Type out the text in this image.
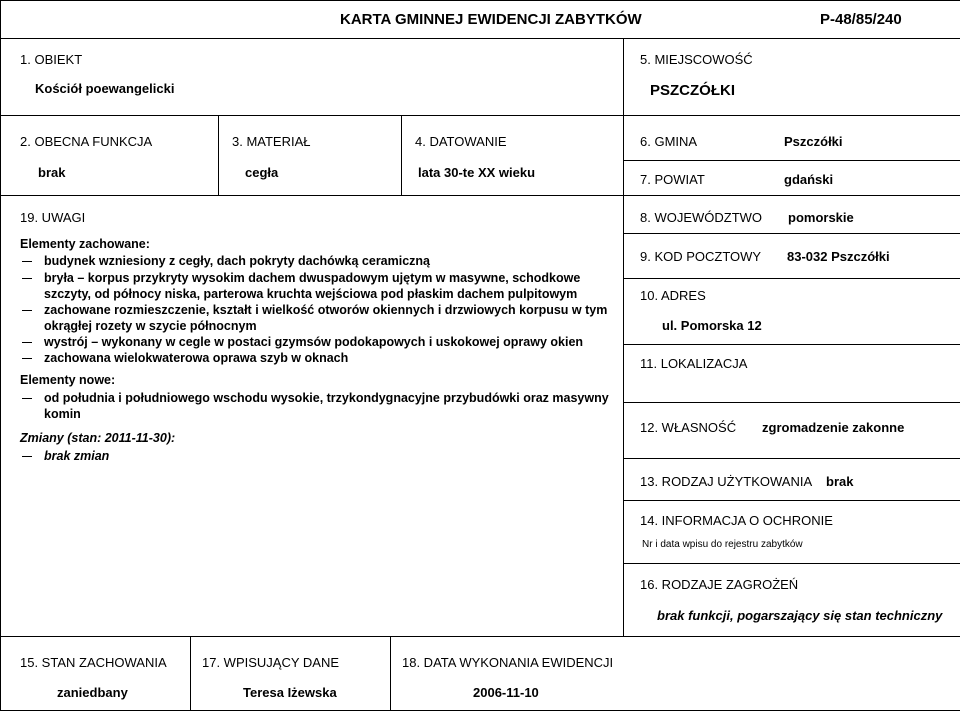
KARTA GMINNEJ EWIDENCJI ZABYTKÓW	P-48/85/240
1. OBIEKT
Kościół poewangelicki
5. MIEJSCOWOŚĆ
PSZCZÓŁKI
2. OBECNA FUNKCJA
brak
3. MATERIAŁ
cegła
4. DATOWANIE
lata 30-te XX wieku
6. GMINA	Pszczółki
7. POWIAT	gdański
8. WOJEWÓDZTWO pomorskie
9. KOD POCZTOWY 83-032 Pszczółki
10. ADRES
ul. Pomorska 12
11. LOKALIZACJA
12. WŁASNOŚĆ zgromadzenie zakonne
13. RODZAJ UŻYTKOWANIA brak
14. INFORMACJA O OCHRONIE
Nr i data wpisu do rejestru zabytków
16. RODZAJE ZAGROŻEŃ
brak funkcji, pogarszający się stan techniczny
19. UWAGI
Elementy zachowane:
budynek wzniesiony z cegły, dach pokryty dachówką ceramiczną
bryła – korpus przykryty wysokim dachem dwuspadowym ujętym w masywne, schodkowe
szczyty, od północy niska, parterowa kruchta wejściowa pod płaskim dachem pulpitowym
zachowane rozmieszczenie, kształt i wielkość otworów okiennych i drzwiowych korpusu w tym
okrągłej rozety w szycie północnym
wystrój – wykonany w cegle w postaci gzymsów podokapowych i uskokowej oprawy okien
zachowana wielokwaterowa oprawa szyb w oknach
Elementy nowe:
od południa i południowego wschodu wysokie, trzykondygnacyjne przybudówki oraz masywny
komin
Zmiany (stan: 2011-11-30):
brak zmian
15. STAN ZACHOWANIA
zaniedbany
17. WPISUJĄCY DANE
Teresa Iżewska
18. DATA WYKONANIA EWIDENCJI
2006-11-10
